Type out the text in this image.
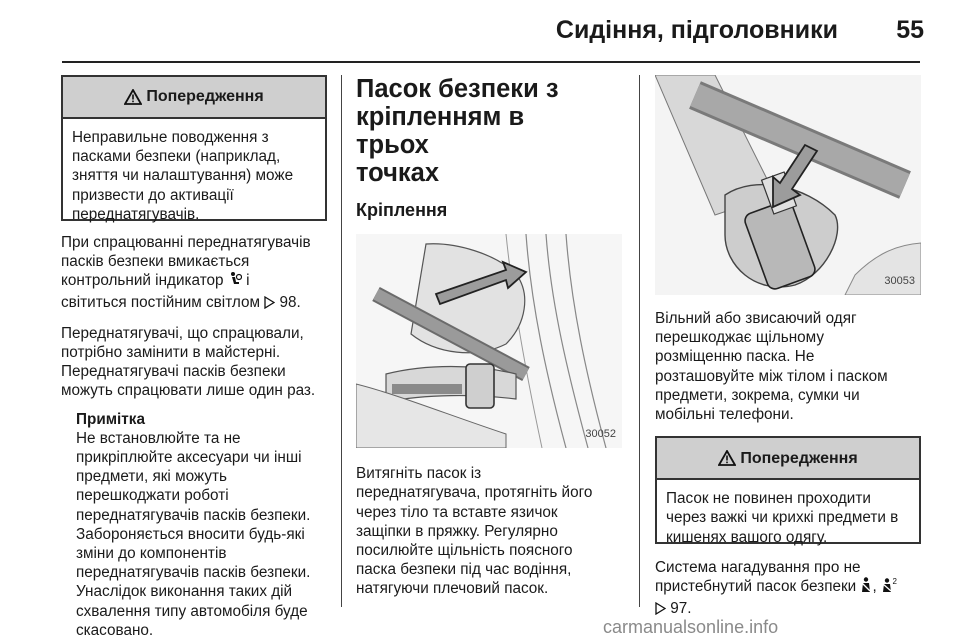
Сидіння, підголовники 55
Попередження
Неправильне поводження з
пасками безпеки (наприклад,
зняття чи налаштування) може
призвести до активації
переднатягувачів.
При спрацюванні переднатягувачів
пасків безпеки вмикається
контрольний індикатор і
світиться постійним світлом 98.
Переднатягувачі, що спрацювали,
потрібно замінити в майстерні.
Переднатягувачі пасків безпеки
можуть спрацювати лише один раз.
Примітка
Не встановлюйте та не
прикріплюйте аксесуари чи інші
предмети, які можуть
перешкоджати роботі
переднатягувачів пасків безпеки.
Забороняється вносити будь-які
зміни до компонентів
переднатягувачів пасків безпеки.
Унаслідок виконання таких дій
схвалення типу автомобіля буде
скасовано.
Пасок безпеки з
кріпленням в трьох
точках
Кріплення
30052
Витягніть пасок із
переднатягувача, протягніть його
через тіло та вставте язичок
защіпки в пряжку. Регулярно
посилюйте щільність поясного
паска безпеки під час водіння,
натягуючи плечовий пасок.
30053
Вільний або звисаючий одяг
перешкоджає щільному
розміщенню паска. Не
розташовуйте між тілом і паском
предмети, зокрема, сумки чи
мобільні телефони.
Попередження
Пасок не повинен проходити
через важкі чи крихкі предмети в
кишенях вашого одягу.
Система нагадування про не
пристебнутий пасок безпеки , 2
97.
carmanualsonline.info
